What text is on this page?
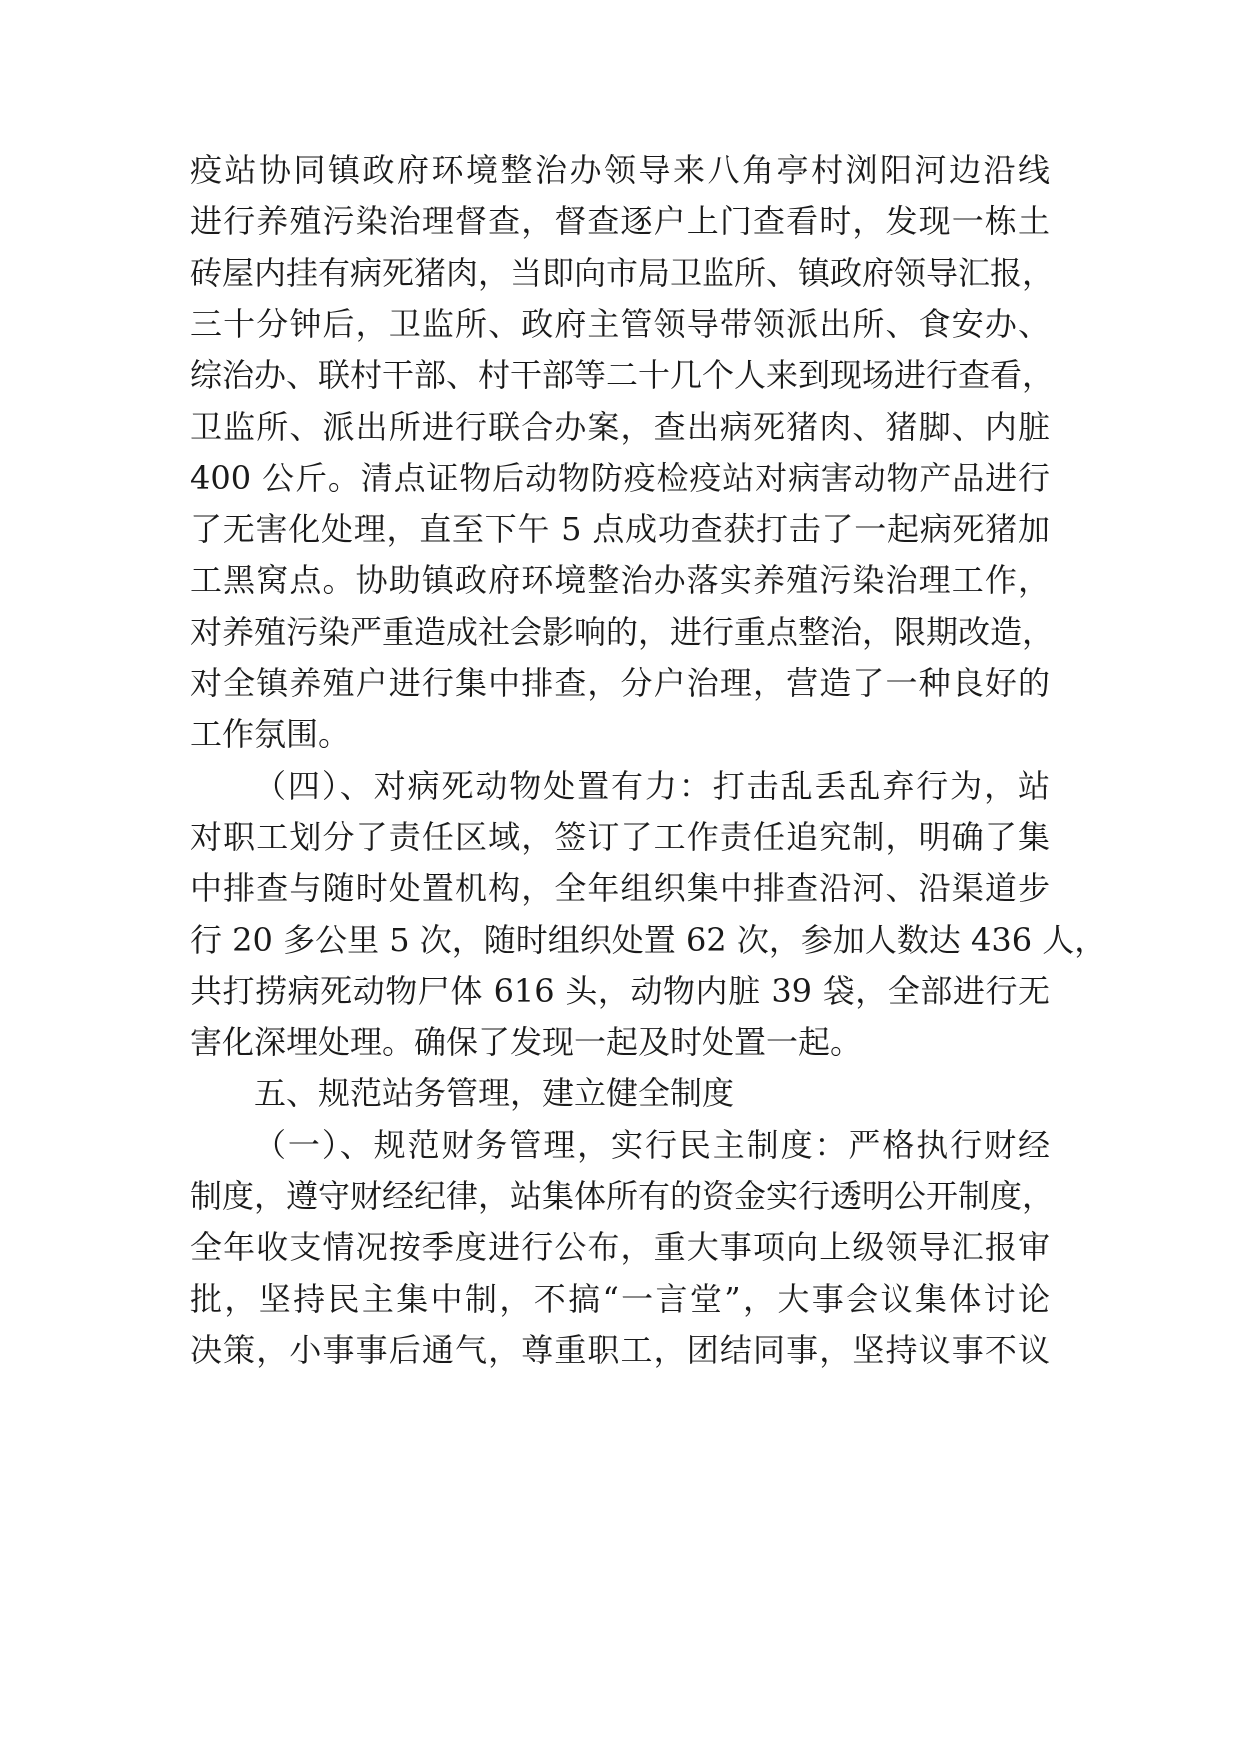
疫站协同镇政府环境整治办领导来八角亭村浏阳河边沿线
进行养殖污染治理督查，督查逐户上门查看时，发现一栋土
砖屋内挂有病死猪肉，当即向市局卫监所、镇政府领导汇报，
三十分钟后，卫监所、政府主管领导带领派出所、食安办、
综治办、联村干部、村干部等二十几个人来到现场进行查看，
卫监所、派出所进行联合办案，查出病死猪肉、猪脚、内脏
400 公斤。清点证物后动物防疫检疫站对病害动物产品进行
了无害化处理，直至下午 5 点成功查获打击了一起病死猪加
工黑窝点。协助镇政府环境整治办落实养殖污染治理工作，
对养殖污染严重造成社会影响的，进行重点整治，限期改造，
对全镇养殖户进行集中排查，分户治理，营造了一种良好的
工作氛围。
（四）、对病死动物处置有力：打击乱丢乱弃行为，站
对职工划分了责任区域，签订了工作责任追究制，明确了集
中排查与随时处置机构，全年组织集中排查沿河、沿渠道步
行 20 多公里 5 次，随时组织处置 62 次，参加人数达 436 人，
共打捞病死动物尸体 616 头，动物内脏 39 袋，全部进行无
害化深埋处理。确保了发现一起及时处置一起。
五、规范站务管理，建立健全制度
（一）、规范财务管理，实行民主制度：严格执行财经
制度，遵守财经纪律，站集体所有的资金实行透明公开制度，
全年收支情况按季度进行公布，重大事项向上级领导汇报审
批，坚持民主集中制，不搞“一言堂”，大事会议集体讨论
决策，小事事后通气，尊重职工，团结同事，坚持议事不议
